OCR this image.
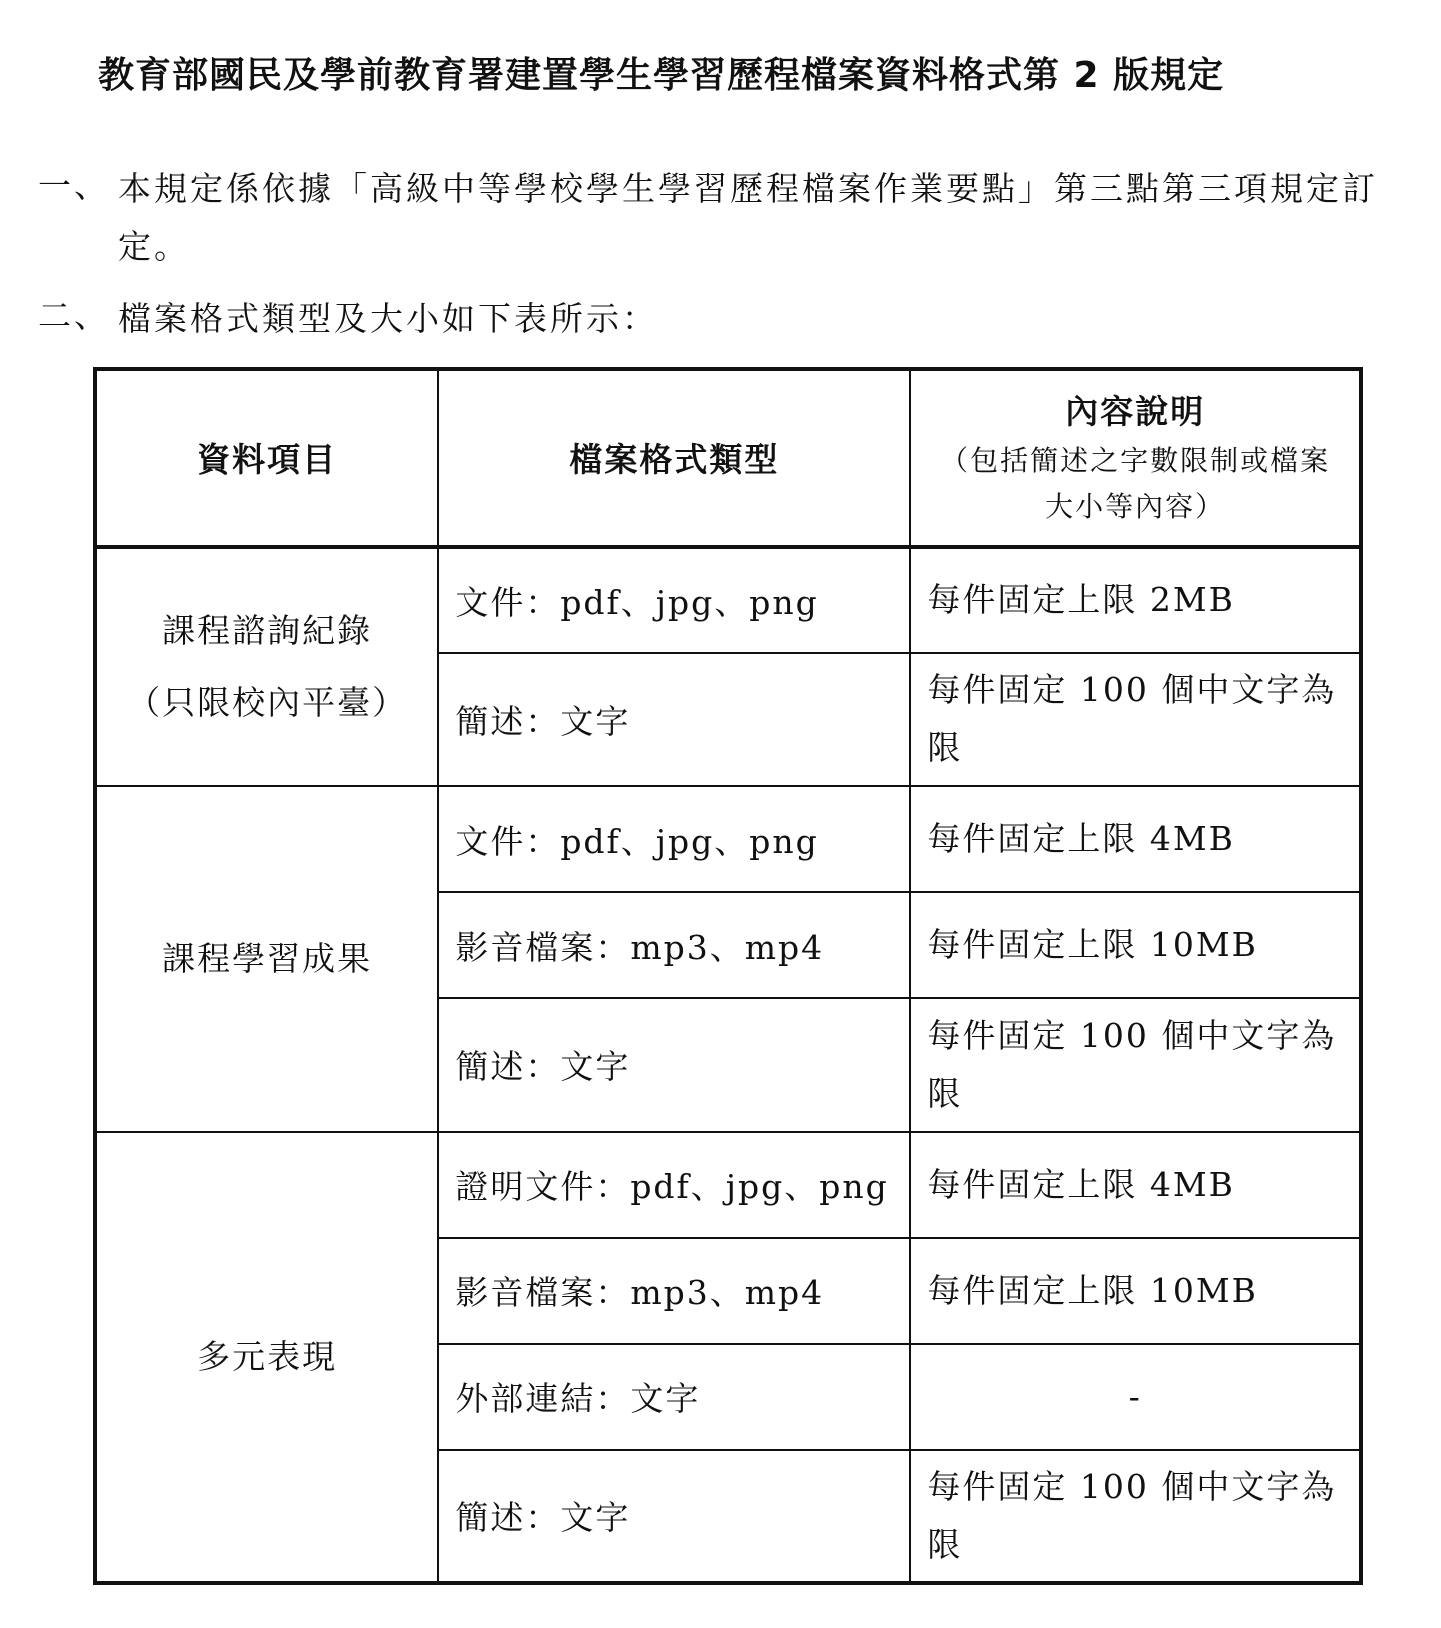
教育部國民及學前教育署建置學生學習歷程檔案資料格式第 2 版規定
一、 本規定係依據「高級中等學校學生學習歷程檔案作業要點」第三點第三項規定訂定。
二、 檔案格式類型及大小如下表所示：
資料項目	檔案格式類型	內容說明
（包括簡述之字數限制或檔案大小等內容）

課程諮詢紀錄
（只限校內平臺）	文件：pdf、jpg、png	每件固定上限 2MB
	簡述：文字	每件固定 100 個中文字為限

課程學習成果	文件：pdf、jpg、png	每件固定上限 4MB
	影音檔案：mp3、mp4	每件固定上限 10MB
	簡述：文字	每件固定 100 個中文字為限

多元表現	證明文件：pdf、jpg、png	每件固定上限 4MB
	影音檔案：mp3、mp4	每件固定上限 10MB
	外部連結：文字	-
	簡述：文字	每件固定 100 個中文字為限
